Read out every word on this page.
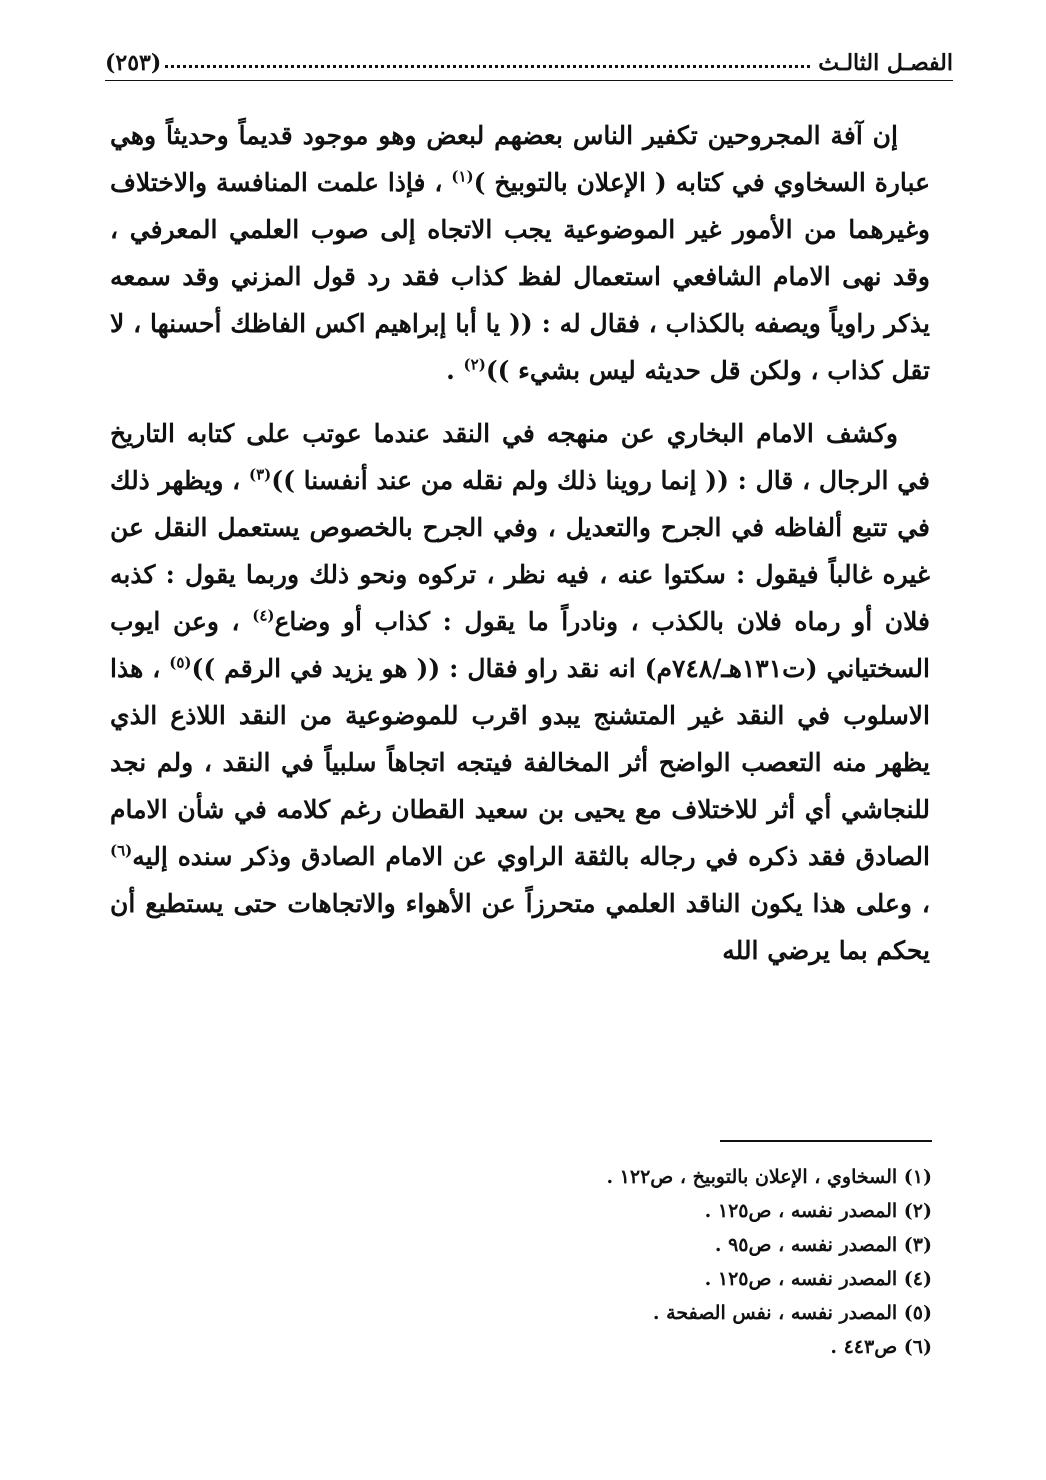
الفصـل الثالـث
(٢٥٣)

إن آفة المجروحين تكفير الناس بعضهم لبعض وهو موجود قديماً وحديثاً وهي عبارة السخاوي في كتابه ( الإعلان بالتوبيخ )$^{(١)}$ ، فإذا علمت المنافسة والاختلاف وغيرهما من الأمور غير الموضوعية يجب الاتجاه إلى صوب العلمي المعرفي ، وقد نهى الامام الشافعي استعمال لفظ كذاب فقد رد قول المزني وقد سمعه يذكر راوياً ويصفه بالكذاب ، فقال له : (( يا أبا إبراهيم اكس الفاظك أحسنها ، لا تقل كذاب ، ولكن قل حديثه ليس بشيء ))$^{(٢)}$ .

وكشف الامام البخاري عن منهجه في النقد عندما عوتب على كتابه التاريخ في الرجال ، قال : (( إنما روينا ذلك ولم نقله من عند أنفسنا ))$^{(٣)}$ ، ويظهر ذلك في تتبع ألفاظه في الجرح والتعديل ، وفي الجرح بالخصوص يستعمل النقل عن غيره غالباً فيقول : سكتوا عنه ، فيه نظر ، تركوه ونحو ذلك وربما يقول : كذبه فلان أو رماه فلان بالكذب ، ونادراً ما يقول : كذاب أو وضاع$^{(٤)}$ ، وعن ايوب السختياني (ت١٣١هـ/٧٤٨م) انه نقد راو فقال : (( هو يزيد في الرقم ))$^{(٥)}$ ، هذا الاسلوب في النقد غير المتشنج يبدو اقرب للموضوعية من النقد اللاذع الذي يظهر منه التعصب الواضح أثر المخالفة فيتجه اتجاهاً سلبياً في النقد ، ولم نجد للنجاشي أي أثر للاختلاف مع يحيى بن سعيد القطان رغم كلامه في شأن الامام الصادق فقد ذكره في رجاله بالثقة الراوي عن الامام الصادق وذكر سنده إليه$^{(٦)}$ ، وعلى هذا يكون الناقد العلمي متحرزاً عن الأهواء والاتجاهات حتى يستطيع أن يحكم بما يرضي الله

(١) السخاوي ، الإعلان بالتوبيخ ، ص١٢٢ .
(٢) المصدر نفسه ، ص١٢٥ .
(٣) المصدر نفسه ، ص٩٥ .
(٤) المصدر نفسه ، ص١٢٥ .
(٥) المصدر نفسه ، نفس الصفحة .
(٦) ص٤٤٣ .
